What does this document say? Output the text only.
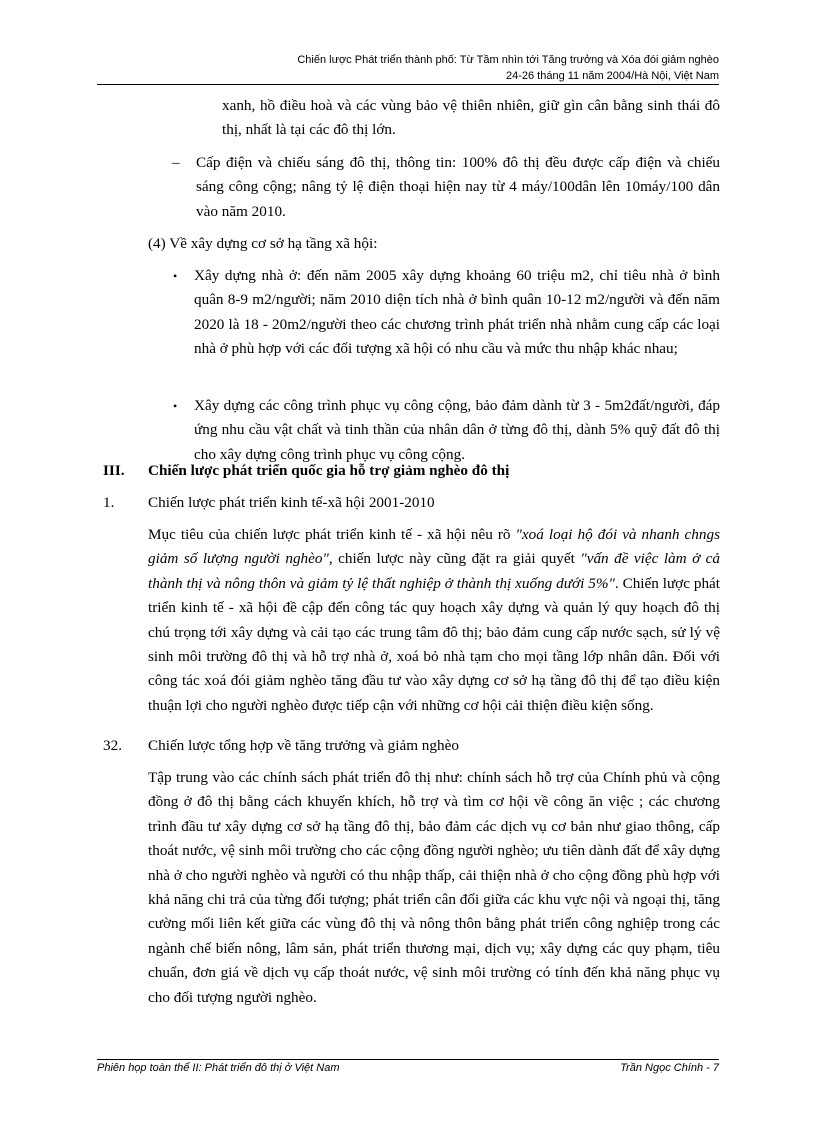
Chiến lược Phát triển thành phố: Từ Tầm nhìn tới Tăng trưởng và Xóa đói giảm nghèo
24-26 tháng 11 năm 2004/Hà Nội, Việt Nam
xanh, hồ điều hoà và các vùng bảo vệ thiên nhiên, giữ gìn cân bằng sinh thái đô thị, nhất là tại các đô thị lớn.
– Cấp điện và chiếu sáng đô thị, thông tin: 100% đô thị đều được cấp điện và chiếu sáng công cộng; nâng tỷ lệ điện thoại hiện nay từ 4 máy/100dân lên 10máy/100 dân vào năm 2010.
(4) Về xây dựng cơ sở hạ tầng xã hội:
• Xây dựng nhà ở: đến năm 2005 xây dựng khoảng 60 triệu m2, chỉ tiêu nhà ở bình quân 8-9 m2/người; năm 2010 diện tích nhà ở bình quân 10-12 m2/người và đến năm 2020 là 18 - 20m2/người theo các chương trình phát triển nhà nhằm cung cấp các loại nhà ở phù hợp với các đối tượng xã hội có nhu cầu và mức thu nhập khác nhau;
• Xây dựng các công trình phục vụ công cộng, bảo đảm dành từ 3 - 5m2đất/người, đáp ứng nhu cầu vật chất và tinh thần của nhân dân ở từng đô thị, dành 5% quỹ đất đô thị cho xây dựng công trình phục vụ công cộng.
III. Chiến lược phát triển quốc gia hỗ trợ giảm nghèo đô thị
1. Chiến lược phát triển kinh tế-xã hội 2001-2010
Mục tiêu của chiến lược phát triển kinh tế - xã hội nêu rõ "xoá loại hộ đói và nhanh chngs giảm số lượng người nghèo", chiến lược này cũng đặt ra giải quyết "vấn đề việc làm ở cả thành thị và nông thôn và giảm tỷ lệ thất nghiệp ở thành thị xuống dưới 5%". Chiến lược phát triển kinh tế - xã hội đề cập đến công tác quy hoạch xây dựng và quản lý quy hoạch đô thị chú trọng tới xây dựng và cải tạo các trung tâm đô thị; bảo đảm cung cấp nước sạch, sử lý vệ sinh môi trường đô thị và hỗ trợ nhà ở, xoá bỏ nhà tạm cho mọi tầng lớp nhân dân. Đối với công tác xoá đói giảm nghèo tăng đầu tư vào xây dựng cơ sở hạ tầng đô thị để tạo điều kiện thuận lợi cho người nghèo được tiếp cận với những cơ hội cải thiện điều kiện sống.
32. Chiến lược tổng hợp về tăng trưởng và giảm nghèo
Tập trung vào các chính sách phát triển đô thị như: chính sách hỗ trợ của Chính phủ và cộng đồng ở đô thị bằng cách khuyến khích, hỗ trợ và tìm cơ hội về công ăn việc ; các chương trình đầu tư xây dựng cơ sở hạ tầng đô thị, bảo đảm các dịch vụ cơ bản như giao thông, cấp thoát nước, vệ sinh môi trường cho các cộng đồng người nghèo; ưu tiên dành đất để xây dựng nhà ở cho người nghèo và người có thu nhập thấp, cải thiện nhà ở cho cộng đồng phù hợp với khả năng chi trả của từng đối tượng; phát triển cân đối giữa các khu vực nội và ngoại thị, tăng cường mối liên kết giữa các vùng đô thị và nông thôn bằng phát triển công nghiệp trong các ngành chế biến nông, lâm sản, phát triển thương mại, dịch vụ; xây dựng các quy phạm, tiêu chuẩn, đơn giá về dịch vụ cấp thoát nước, vệ sinh môi trường có tính đến khả năng phục vụ cho đối tượng người nghèo.
Phiên họp toàn thể II: Phát triển đô thị ở Việt Nam	Trần Ngọc Chính - 7
